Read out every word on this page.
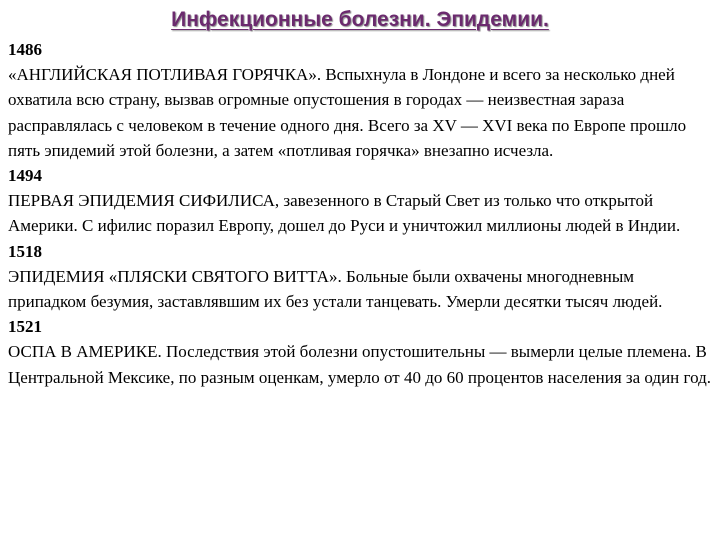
Инфекционные болезни. Эпидемии.
1486
«АНГЛИЙСКАЯ ПОТЛИВАЯ ГОРЯЧКА». Вспыхнула в Лондоне и всего за несколько дней охватила всю страну, вызвав огромные опустошения в городах — неизвестная зараза расправлялась с человеком в течение одного дня. Всего за XV — XVI века по Европе прошло пять эпидемий этой болезни, а затем «потливая горячка» внезапно исчезла.
1494
ПЕРВАЯ ЭПИДЕМИЯ СИФИЛИСА, завезенного в Старый Свет из только что открытой Америки. С ифилис поразил Европу, дошел до Руси и уничтожил миллионы людей в Индии.
1518
ЭПИДЕМИЯ «ПЛЯСКИ СВЯТОГО ВИТТА». Больные были охвачены многодневным припадком безумия, заставлявшим их без устали танцевать. Умерли десятки тысяч людей.
1521
ОСПА В АМЕРИКЕ. Последствия этой болезни опустошительны — вымерли целые племена. В Центральной Мексике, по разным оценкам, умерло от 40 до 60 процентов населения за один год.
